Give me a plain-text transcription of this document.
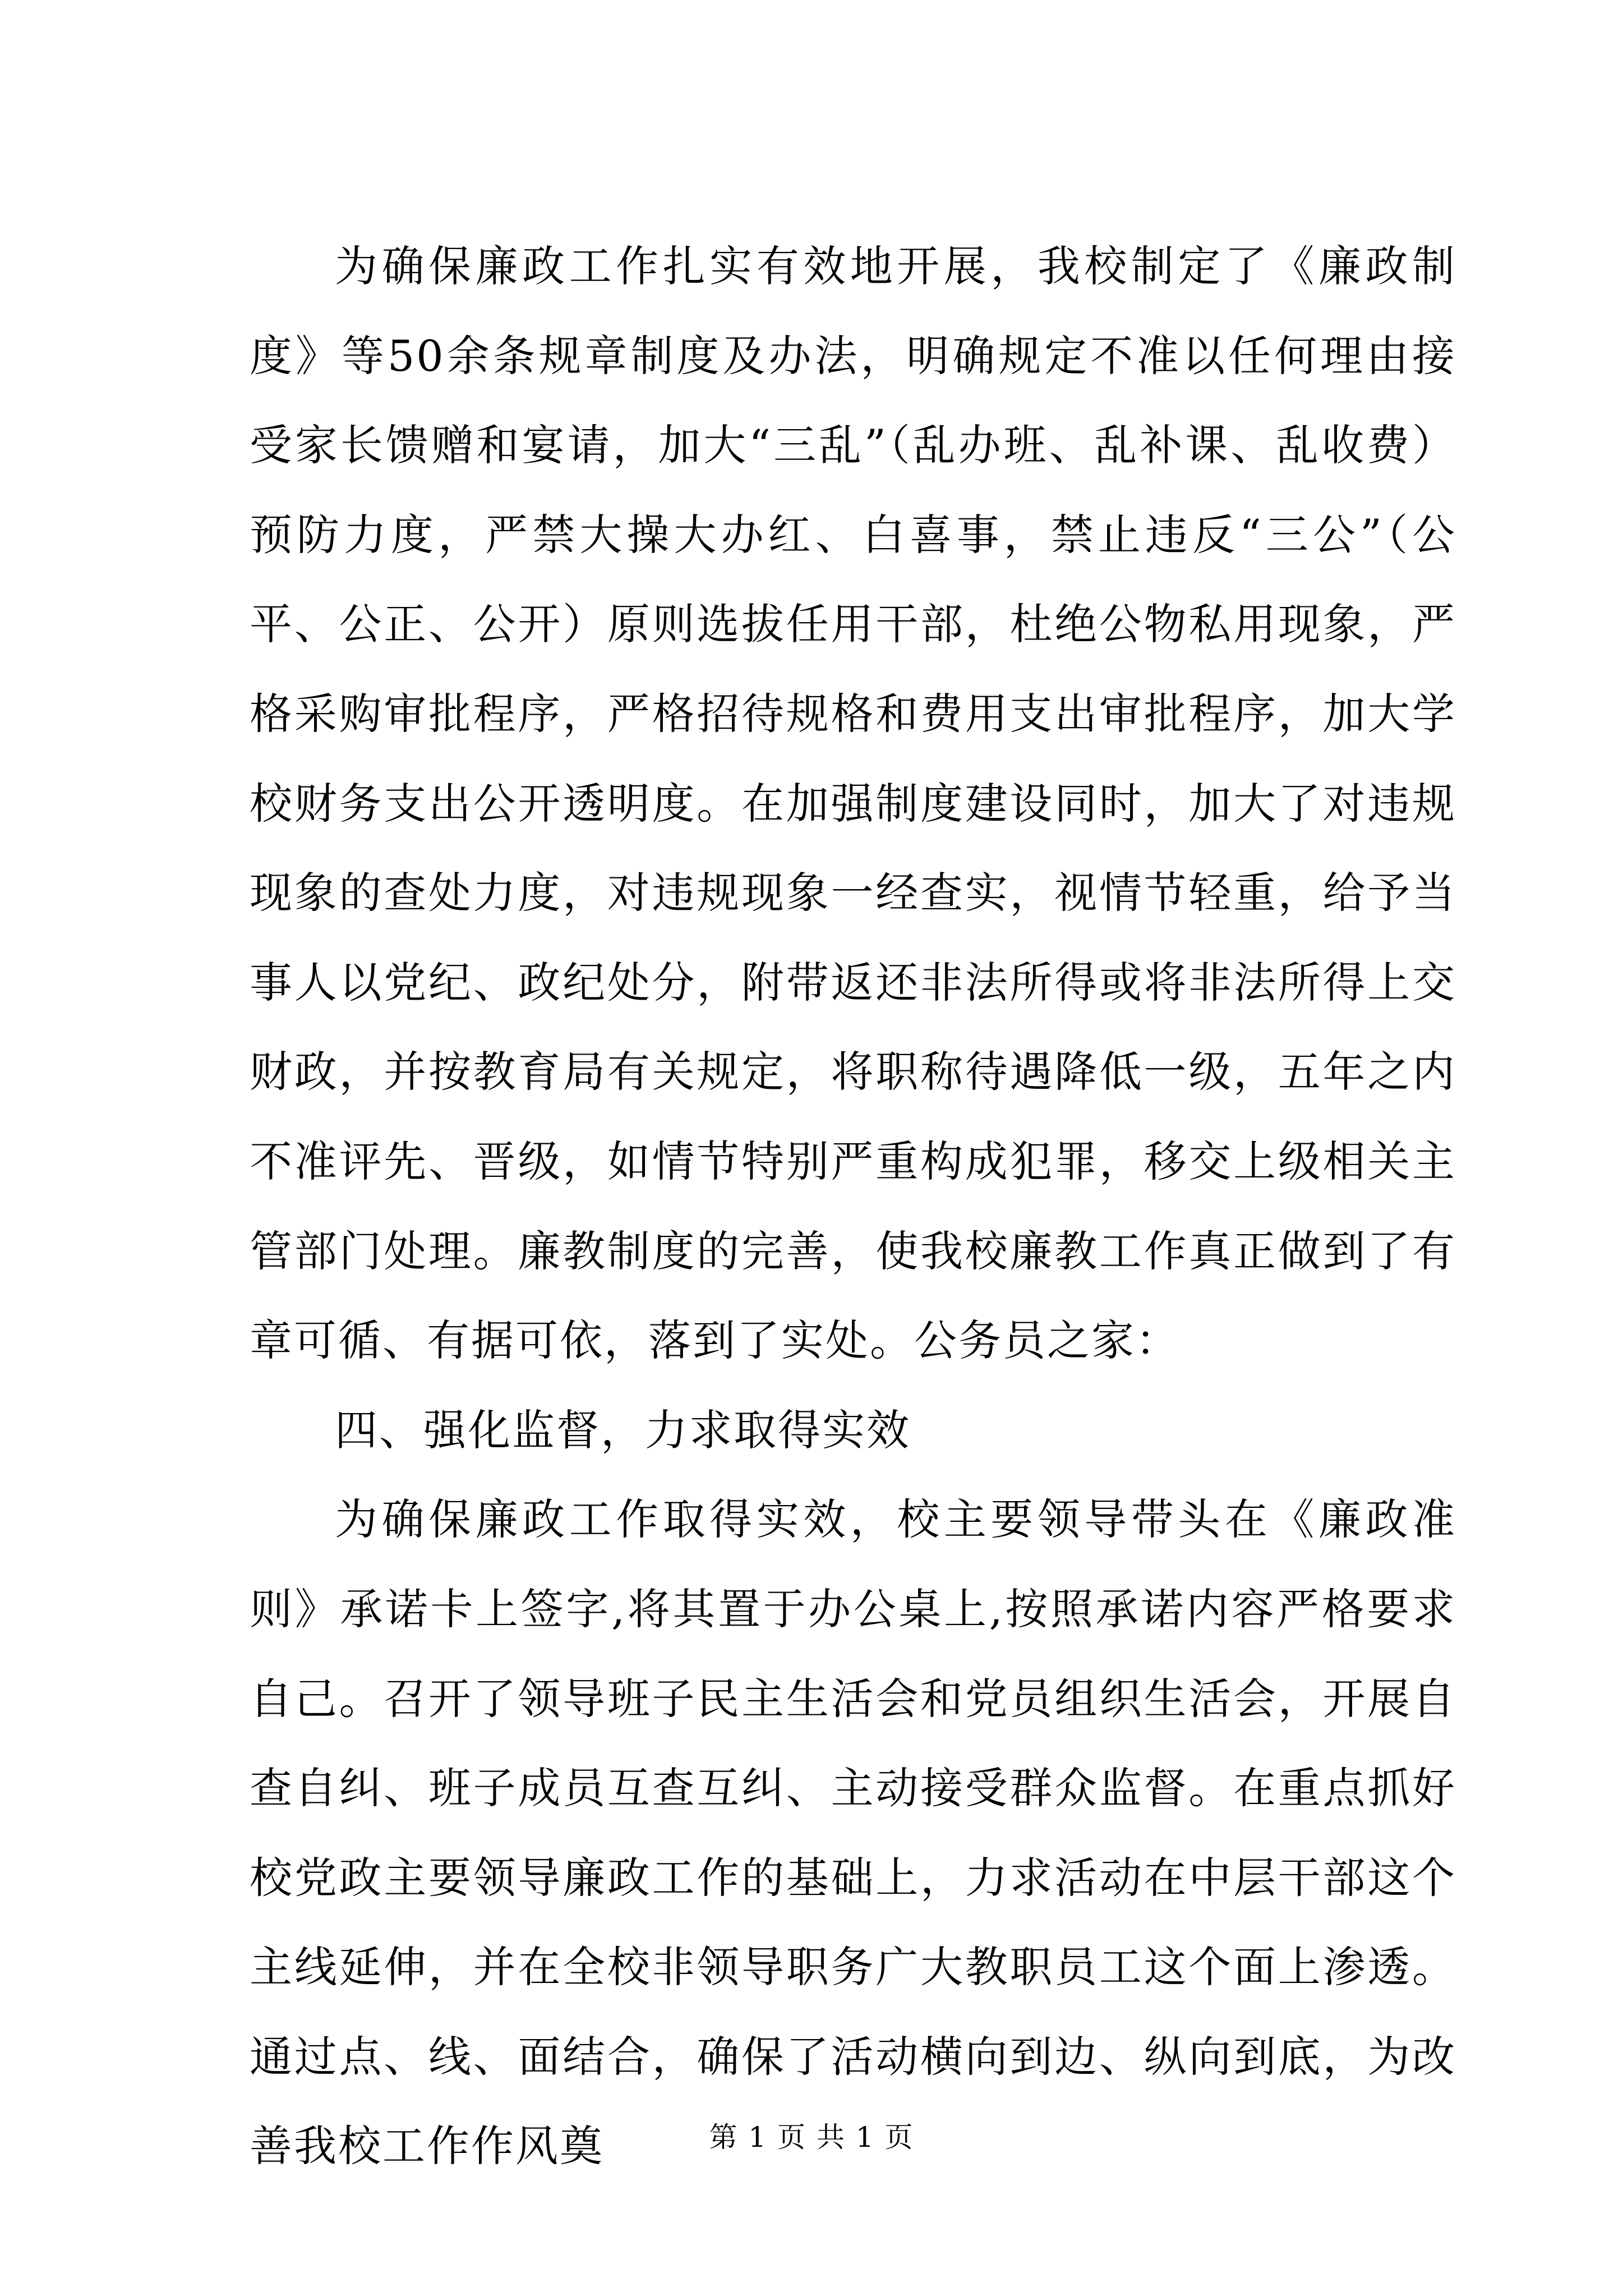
为确保廉政工作扎实有效地开展，我校制定了《廉政制度》等50余条规章制度及办法，明确规定不准以任何理由接受家长馈赠和宴请，加大“三乱”（乱办班、乱补课、乱收费）预防力度，严禁大操大办红、白喜事，禁止违反“三公”（公平、公正、公开）原则选拔任用干部，杜绝公物私用现象，严格采购审批程序，严格招待规格和费用支出审批程序，加大学校财务支出公开透明度。在加强制度建设同时，加大了对违规现象的查处力度，对违规现象一经查实，视情节轻重，给予当事人以党纪、政纪处分，附带返还非法所得或将非法所得上交财政，并按教育局有关规定，将职称待遇降低一级，五年之内不准评先、晋级，如情节特别严重构成犯罪，移交上级相关主管部门处理。廉教制度的完善，使我校廉教工作真正做到了有章可循、有据可依，落到了实处。公务员之家：

四、强化监督，力求取得实效

为确保廉政工作取得实效，校主要领导带头在《廉政准则》承诺卡上签字,将其置于办公桌上,按照承诺内容严格要求自己。召开了领导班子民主生活会和党员组织生活会，开展自查自纠、班子成员互查互纠、主动接受群众监督。在重点抓好校党政主要领导廉政工作的基础上，力求活动在中层干部这个主线延伸，并在全校非领导职务广大教职员工这个面上渗透。通过点、线、面结合，确保了活动横向到边、纵向到底，为改善我校工作作风奠	第 1 页 共 1 页
